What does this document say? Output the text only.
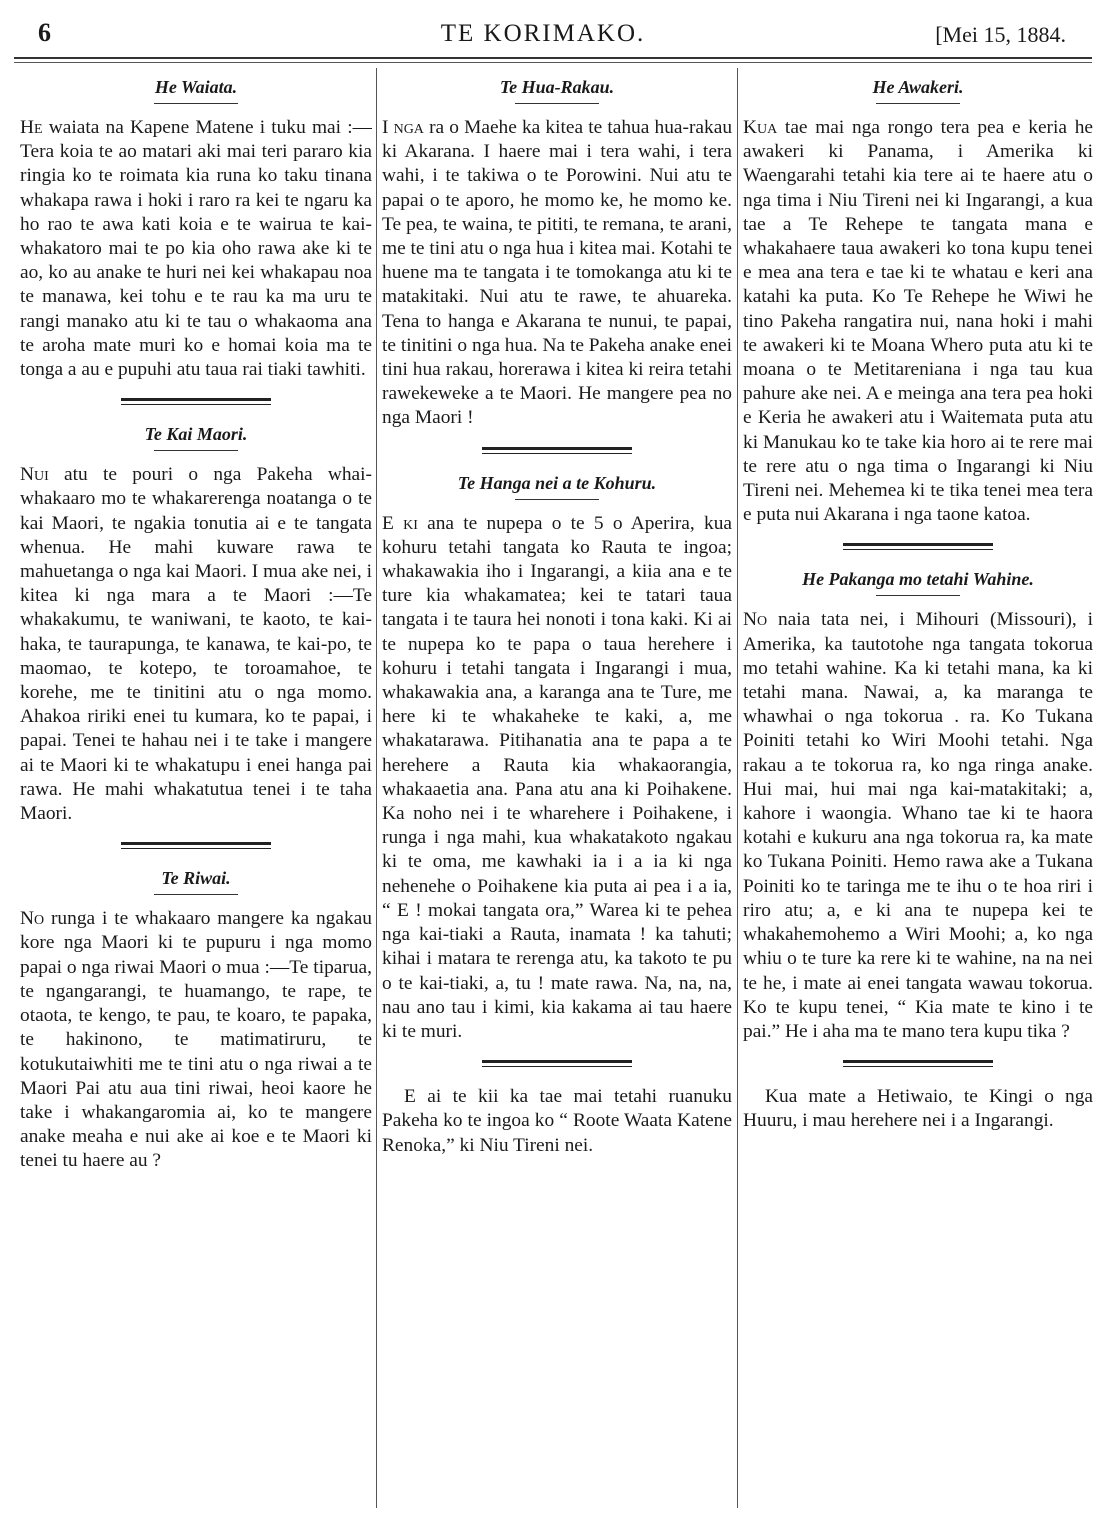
6	TE KORIMAKO.	[Mei 15, 1884.
He Waiata.

He waiata na Kapene Matene i tuku mai :—Tera koia te ao matari aki mai teri pararo kia ringia ko te roimata kia runa ko taku tinana whakapa rawa i hoki i raro ra kei te ngaru ka ho rao te awa kati koia e te wairua te kai-whakatoro mai te po kia oho rawa ake ki te ao, ko au anake te huri nei kei whakapau noa te manawa, kei tohu e te rau ka ma uru te rangi manako atu ki te tau o whakaoma ana te aroha mate muri ko e homai koia ma te tonga a au e pupuhi atu taua rai tiaki tawhiti.

Te Kai Maori.

Nui atu te pouri o nga Pakeha whai-whakaaro mo te whakarerenga noatanga o te kai Maori, te ngakia tonutia ai e te tangata whenua. He mahi kuware rawa te mahuetanga o nga kai Maori. I mua ake nei, i kitea ki nga mara a te Maori :—Te whakakumu, te waniwani, te kaoto, te kai-haka, te taurapunga, te kanawa, te kai-po, te maomao, te kotepo, te toroamahoe, te korehe, me te tinitini atu o nga momo. Ahakoa ririki enei tu kumara, ko te papai, i papai. Tenei te hahau nei i te take i mangere ai te Maori ki te whakatupu i enei hanga pai rawa. He mahi whakatutua tenei i te taha Maori.

Te Riwai.

No runga i te whakaaro mangere ka ngakau kore nga Maori ki te pupuru i nga momo papai o nga riwai Maori o mua :—Te tiparua, te ngangarangi, te huamango, te rape, te otaota, te kengo, te pau, te koaro, te papaka, te hakinono, te matimatiruru, te kotukutaiwhiti me te tini atu o nga riwai a te Maori Pai atu aua tini riwai, heoi kaore he take i whakangaromia ai, ko te mangere anake meaha e nui ake ai koe e te Maori ki tenei tu haere au ?

Te Hua-Rakau.

I nga ra o Maehe ka kitea te tahua hua-rakau ki Akarana. I haere mai i tera wahi, i tera wahi, i te takiwa o te Porowini. Nui atu te papai o te aporo, he momo ke, he momo ke. Te pea, te waina, te pititi, te remana, te arani, me te tini atu o nga hua i kitea mai. Kotahi te huene ma te tangata i te tomokanga atu ki te matakitaki. Nui atu te rawe, te ahuareka. Tena to hanga e Akarana te nunui, te papai, te tinitini o nga hua. Na te Pakeha anake enei tini hua rakau, horerawa i kitea ki reira tetahi rawekeweke a te Maori. He mangere pea no nga Maori !

Te Hanga nei a te Kohuru.

E ki ana te nupepa o te 5 o Aperira, kua kohuru tetahi tangata ko Rauta te ingoa; whakawakia iho i Ingarangi, a kiia ana e te ture kia whakamatea; kei te tatari taua tangata i te taura hei nonoti i tona kaki. Ki ai te nupepa ko te papa o taua herehere i kohuru i tetahi tangata i Ingarangi i mua, whakawakia ana, a karanga ana te Ture, me here ki te whakaheke te kaki, a, me whakatarawa. Pitihanatia ana te papa a te herehere a Rauta kia whakaorangia, whakaaetia ana. Pana atu ana ki Poihakene. Ka noho nei i te wharehere i Poihakene, i runga i nga mahi, kua whakatakoto ngakau ki te oma, me kawhaki ia i a ia ki nga nehenehe o Poihakene kia puta ai pea i a ia, “ E ! mokai tangata ora,” Warea ki te pehea nga kai-tiaki a Rauta, inamata ! ka tahuti; kihai i matara te rerenga atu, ka takoto te pu o te kai-tiaki, a, tu ! mate rawa. Na, na, na, nau ano tau i kimi, kia kakama ai tau haere ki te muri.

E ai te kii ka tae mai tetahi ruanuku Pakeha ko te ingoa ko “ Roote Waata Katene Renoka,” ki Niu Tireni nei.

He Awakeri.

Kua tae mai nga rongo tera pea e keria he awakeri ki Panama, i Amerika ki Waengarahi tetahi kia tere ai te haere atu o nga tima i Niu Tireni nei ki Ingarangi, a kua tae a Te Rehepe te tangata mana e whakahaere taua awakeri ko tona kupu tenei e mea ana tera e tae ki te whatau e keri ana katahi ka puta. Ko Te Rehepe he Wiwi he tino Pakeha rangatira nui, nana hoki i mahi te awakeri ki te Moana Whero puta atu ki te moana o te Metitareniana i nga tau kua pahure ake nei. A e meinga ana tera pea hoki e Keria he awakeri atu i Waitemata puta atu ki Manukau ko te take kia horo ai te rere mai te rere atu o nga tima o Ingarangi ki Niu Tireni nei. Mehemea ki te tika tenei mea tera e puta nui Akarana i nga taone katoa.

He Pakanga mo tetahi Wahine.

No naia tata nei, i Mihouri (Missouri), i Amerika, ka tautotohe nga tangata tokorua mo tetahi wahine. Ka ki tetahi mana, ka ki tetahi mana. Nawai, a, ka maranga te whawhai o nga tokorua . ra. Ko Tukana Poiniti tetahi ko Wiri Moohi tetahi. Nga rakau a te tokorua ra, ko nga ringa anake. Hui mai, hui mai nga kai-matakitaki; a, kahore i waongia. Whano tae ki te haora kotahi e kukuru ana nga tokorua ra, ka mate ko Tukana Poiniti. Hemo rawa ake a Tukana Poiniti ko te taringa me te ihu o te hoa riri i riro atu; a, e ki ana te nupepa kei te whakahemohemo a Wiri Moohi; a, ko nga whiu o te ture ka rere ki te wahine, na na nei te he, i mate ai enei tangata wawau tokorua. Ko te kupu tenei, “ Kia mate te kino i te pai.” He i aha ma te mano tera kupu tika ?

Kua mate a Hetiwaio, te Kingi o nga Huuru, i mau herehere nei i a Ingarangi.
